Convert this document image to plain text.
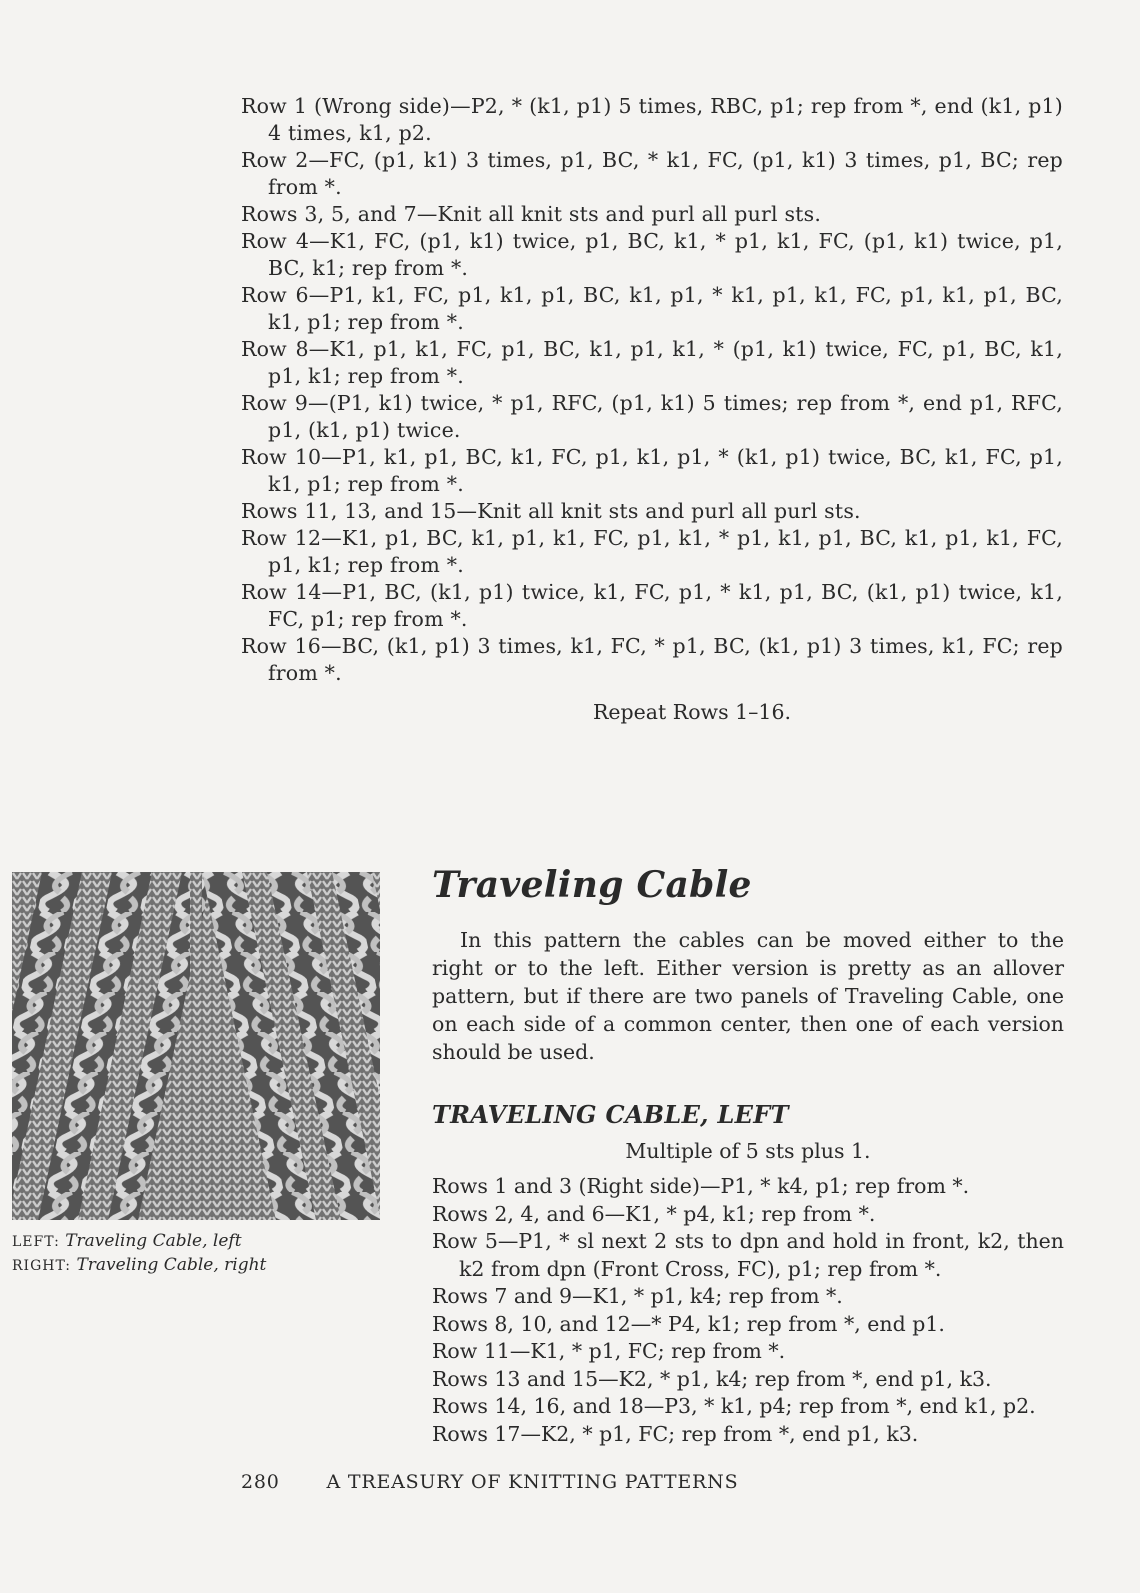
Row 1 (Wrong side)—P2, * (k1, p1) 5 times, RBC, p1; rep from *, end (k1, p1) 4 times, k1, p2.
Row 2—FC, (p1, k1) 3 times, p1, BC, * k1, FC, (p1, k1) 3 times, p1, BC; rep from *.
Rows 3, 5, and 7—Knit all knit sts and purl all purl sts.
Row 4—K1, FC, (p1, k1) twice, p1, BC, k1, * p1, k1, FC, (p1, k1) twice, p1, BC, k1; rep from *.
Row 6—P1, k1, FC, p1, k1, p1, BC, k1, p1, * k1, p1, k1, FC, p1, k1, p1, BC, k1, p1; rep from *.
Row 8—K1, p1, k1, FC, p1, BC, k1, p1, k1, * (p1, k1) twice, FC, p1, BC, k1, p1, k1; rep from *.
Row 9—(P1, k1) twice, * p1, RFC, (p1, k1) 5 times; rep from *, end p1, RFC, p1, (k1, p1) twice.
Row 10—P1, k1, p1, BC, k1, FC, p1, k1, p1, * (k1, p1) twice, BC, k1, FC, p1, k1, p1; rep from *.
Rows 11, 13, and 15—Knit all knit sts and purl all purl sts.
Row 12—K1, p1, BC, k1, p1, k1, FC, p1, k1, * p1, k1, p1, BC, k1, p1, k1, FC, p1, k1; rep from *.
Row 14—P1, BC, (k1, p1) twice, k1, FC, p1, * k1, p1, BC, (k1, p1) twice, k1, FC, p1; rep from *.
Row 16—BC, (k1, p1) 3 times, k1, FC, * p1, BC, (k1, p1) 3 times, k1, FC; rep from *.
Repeat Rows 1–16.
LEFT: Traveling Cable, left
RIGHT: Traveling Cable, right
Traveling Cable

In this pattern the cables can be moved either to the right or to the left. Either version is pretty as an allover pattern, but if there are two panels of Traveling Cable, one on each side of a common center, then one of each version should be used.

TRAVELING CABLE, LEFT
Multiple of 5 sts plus 1.
Rows 1 and 3 (Right side)—P1, * k4, p1; rep from *.
Rows 2, 4, and 6—K1, * p4, k1; rep from *.
Row 5—P1, * sl next 2 sts to dpn and hold in front, k2, then k2 from dpn (Front Cross, FC), p1; rep from *.
Rows 7 and 9—K1, * p1, k4; rep from *.
Rows 8, 10, and 12—* P4, k1; rep from *, end p1.
Row 11—K1, * p1, FC; rep from *.
Rows 13 and 15—K2, * p1, k4; rep from *, end p1, k3.
Rows 14, 16, and 18—P3, * k1, p4; rep from *, end k1, p2.
Rows 17—K2, * p1, FC; rep from *, end p1, k3.
280 A TREASURY OF KNITTING PATTERNS
